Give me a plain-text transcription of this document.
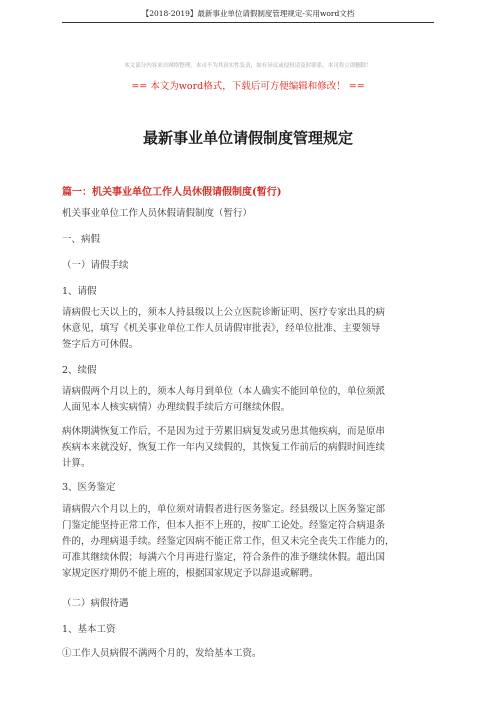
【2018-2019】最新事业单位请假制度管理规定-实用word文档
本文部分内容来自网络整理，本司不为其真实性负责，如有异议或侵权请及时联系，本司将立即删除！
== 本文为word格式，下载后可方便编辑和修改！ ==
最新事业单位请假制度管理规定
篇一：机关事业单位工作人员休假请假制度(暂行)
机关事业单位工作人员休假请假制度（暂行）
一、病假
（一）请假手续
1、请假
请病假七天以上的，须本人持县级以上公立医院诊断证明、医疗专家出具的病
休意见，填写《机关事业单位工作人员请假审批表》，经单位批准、主要领导
签字后方可休假。
2、续假
请病假两个月以上的，须本人每月到单位（本人确实不能回单位的，单位须派
人面见本人核实病情）办理续假手续后方可继续休假。
病休期满恢复工作后，不是因为过于劳累旧病复发或另患其他疾病，而是原串
疾病本来就没好，恢复工作一年内又续假的，其恢复工作前后的病假时间连续
计算。
3、医务鉴定
请病假六个月以上的，单位须对请假者进行医务鉴定。经县级以上医务鉴定部
门鉴定能坚持正常工作，但本人拒不上班的，按旷工论处。经鉴定符合病退条
件的，办理病退手续。经鉴定因病不能正常工作，但又未完全丧失工作能力的，
可准其继续休假；每满六个月再进行鉴定，符合条件的准予继续休假。超出国
家规定医疗期仍不能上班的，根据国家规定予以辞退或解聘。
（二）病假待遇
1、基本工资
①工作人员病假不满两个月的，发给基本工资。
